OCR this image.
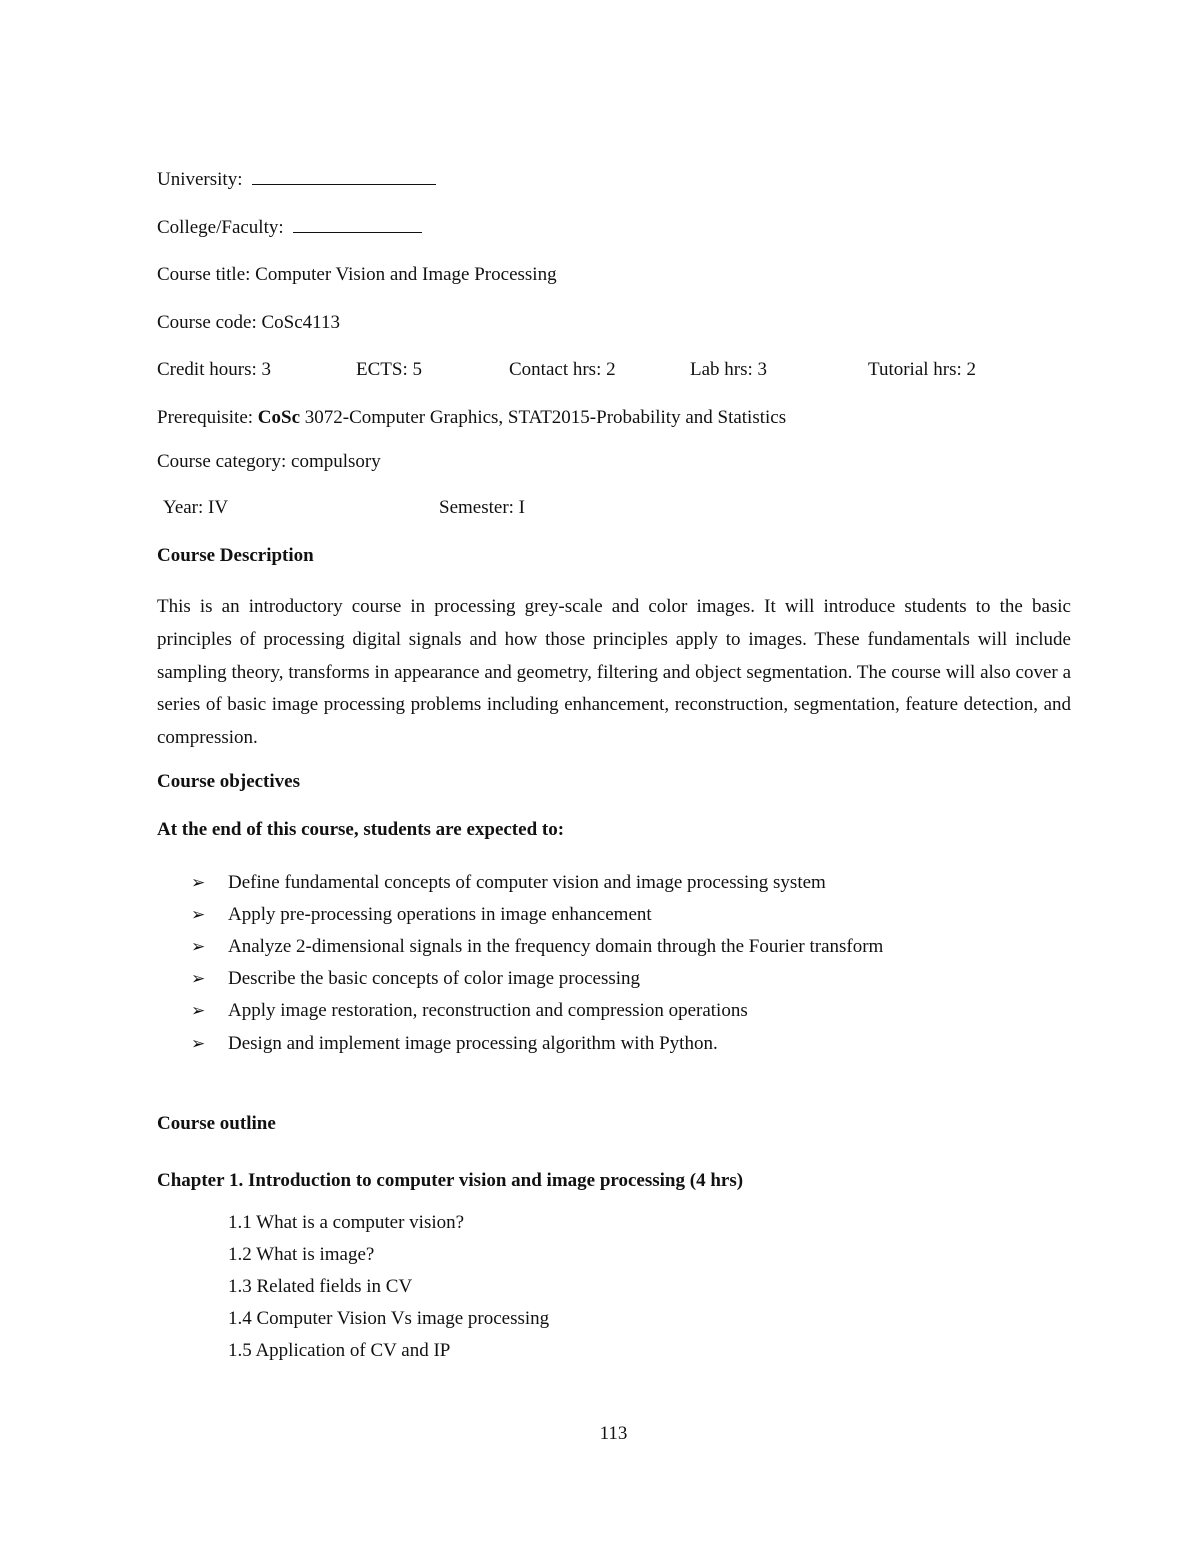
University:
College/Faculty:
Course title: Computer Vision and Image Processing
Course code: CoSc4113
Credit hours: 3	ECTS: 5	Contact hrs: 2	Lab hrs: 3	Tutorial hrs: 2
Prerequisite: CoSc 3072-Computer Graphics, STAT2015-Probability and Statistics
Course category: compulsory
Year: IV	Semester: I
Course Description
This is an introductory course in processing grey-scale and color images. It will introduce students to the basic principles of processing digital signals and how those principles apply to images. These fundamentals will include sampling theory, transforms in appearance and geometry, filtering and object segmentation. The course will also cover a series of basic image processing problems including enhancement, reconstruction, segmentation, feature detection, and compression.
Course objectives
At the end of this course, students are expected to:
➢ Define fundamental concepts of computer vision and image processing system
➢ Apply pre-processing operations in image enhancement
➢ Analyze 2-dimensional signals in the frequency domain through the Fourier transform
➢ Describe the basic concepts of color image processing
➢ Apply image restoration, reconstruction and compression operations
➢ Design and implement image processing algorithm with Python.
Course outline
Chapter 1. Introduction to computer vision and image processing (4 hrs)
1.1 What is a computer vision?
1.2 What is image?
1.3 Related fields in CV
1.4 Computer Vision Vs image processing
1.5 Application of CV and IP
113
